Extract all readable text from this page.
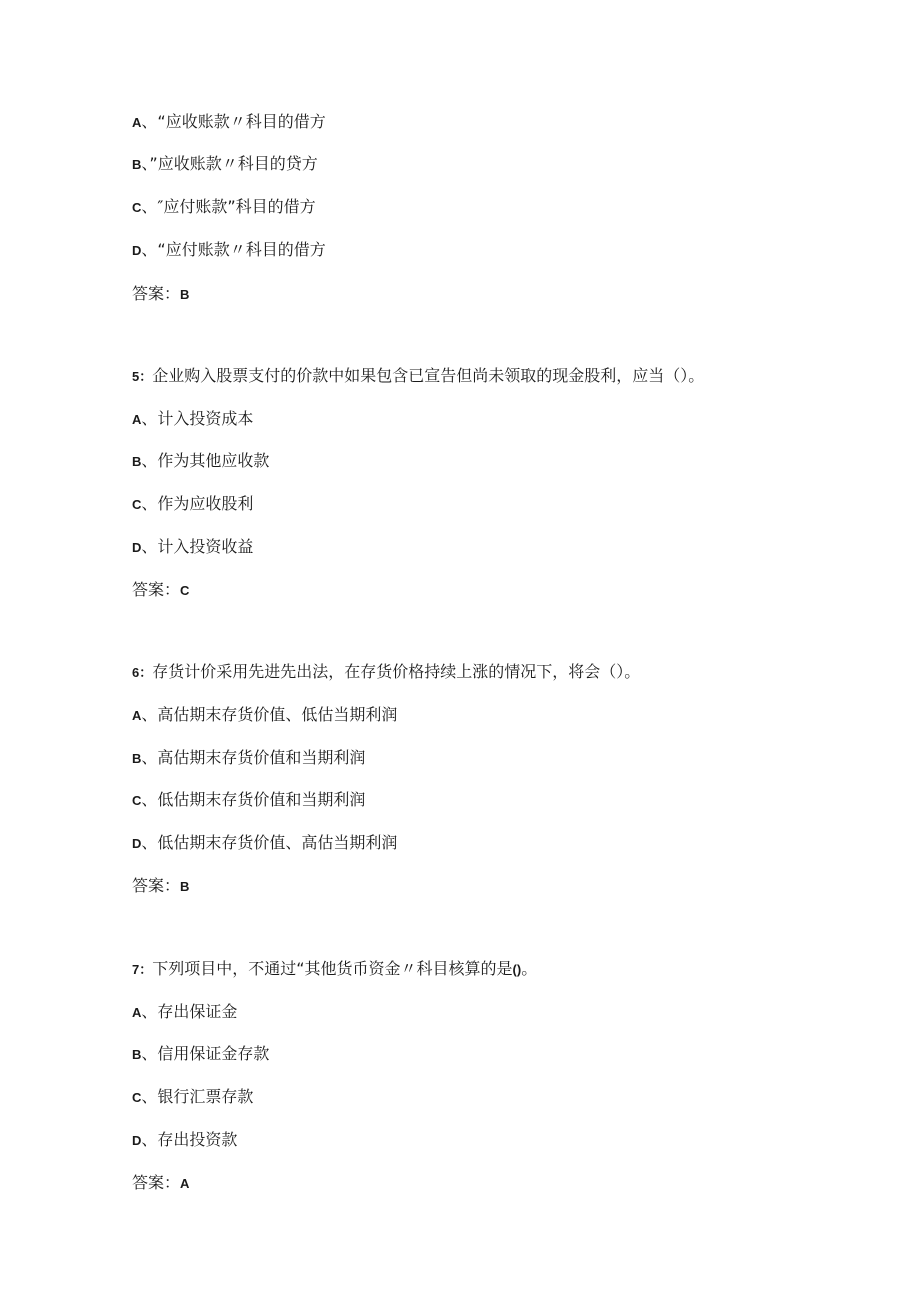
A、“应收账款〃科目的借方
B、”应收账款〃科目的贷方
C、″应付账款”科目的借方
D、“应付账款〃科目的借方
答案：B
5：企业购入股票支付的价款中如果包含已宣告但尚未领取的现金股利，应当（）。
A、计入投资成本
B、作为其他应收款
C、作为应收股利
D、计入投资收益
答案：C
6：存货计价采用先进先出法，在存货价格持续上涨的情况下，将会（）。
A、高估期末存货价值、低估当期利润
B、高估期末存货价值和当期利润
C、低估期末存货价值和当期利润
D、低估期末存货价值、高估当期利润
答案：B
7：下列项目中，不通过“其他货币资金〃科目核算的是()。
A、存出保证金
B、信用保证金存款
C、银行汇票存款
D、存出投资款
答案：A
